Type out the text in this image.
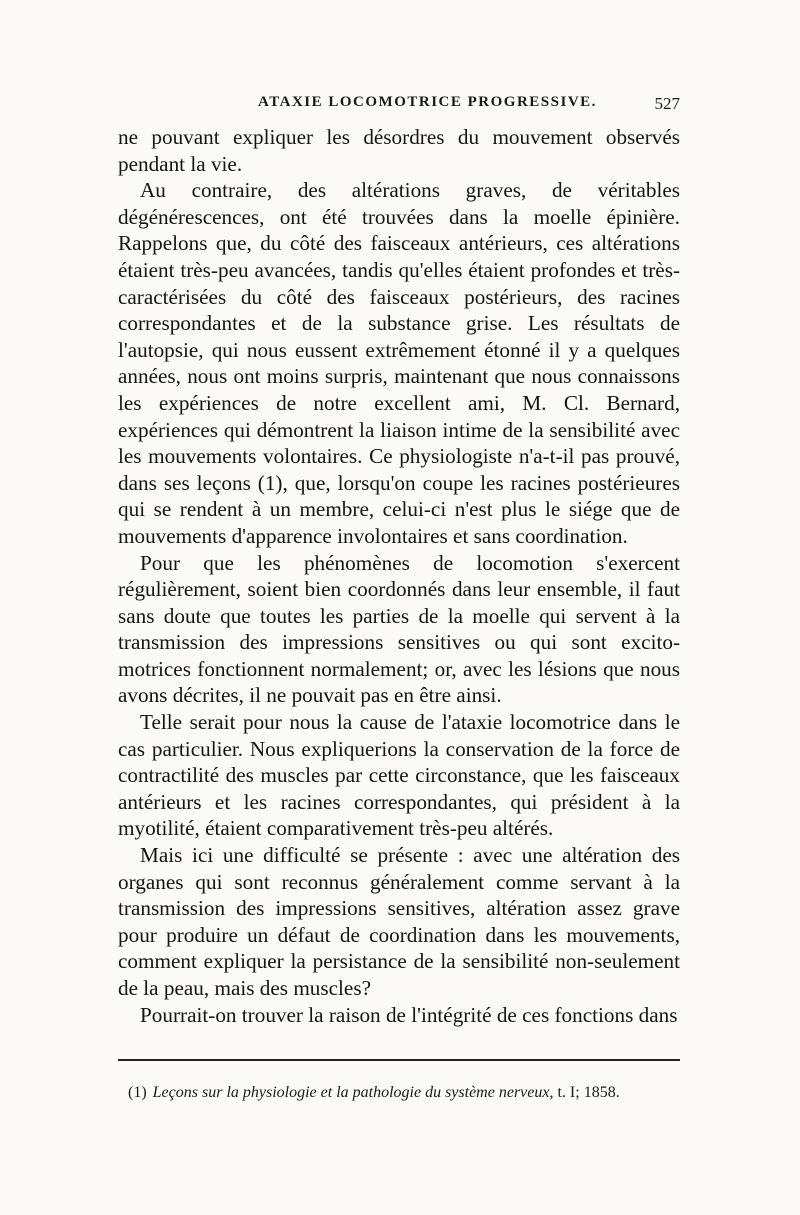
ATAXIE LOCOMOTRICE PROGRESSIVE.	527

ne pouvant expliquer les désordres du mouvement observés pendant la vie.

Au contraire, des altérations graves, de véritables dégénérescences, ont été trouvées dans la moelle épinière. Rappelons que, du côté des faisceaux antérieurs, ces altérations étaient très-peu avancées, tandis qu'elles étaient profondes et très-caractérisées du côté des faisceaux postérieurs, des racines correspondantes et de la substance grise. Les résultats de l'autopsie, qui nous eussent extrêmement étonné il y a quelques années, nous ont moins surpris, maintenant que nous connaissons les expériences de notre excellent ami, M. Cl. Bernard, expériences qui démontrent la liaison intime de la sensibilité avec les mouvements volontaires. Ce physiologiste n'a-t-il pas prouvé, dans ses leçons (1), que, lorsqu'on coupe les racines postérieures qui se rendent à un membre, celui-ci n'est plus le siége que de mouvements d'apparence involontaires et sans coordination.

Pour que les phénomènes de locomotion s'exercent régulièrement, soient bien coordonnés dans leur ensemble, il faut sans doute que toutes les parties de la moelle qui servent à la transmission des impressions sensitives ou qui sont excito-motrices fonctionnent normalement; or, avec les lésions que nous avons décrites, il ne pouvait pas en être ainsi.

Telle serait pour nous la cause de l'ataxie locomotrice dans le cas particulier. Nous expliquerions la conservation de la force de contractilité des muscles par cette circonstance, que les faisceaux antérieurs et les racines correspondantes, qui président à la myotilité, étaient comparativement très-peu altérés.

Mais ici une difficulté se présente : avec une altération des organes qui sont reconnus généralement comme servant à la transmission des impressions sensitives, altération assez grave pour produire un défaut de coordination dans les mouvements, comment expliquer la persistance de la sensibilité non-seulement de la peau, mais des muscles?

Pourrait-on trouver la raison de l'intégrité de ces fonctions dans

(1) Leçons sur la physiologie et la pathologie du système nerveux, t. I; 1858.
